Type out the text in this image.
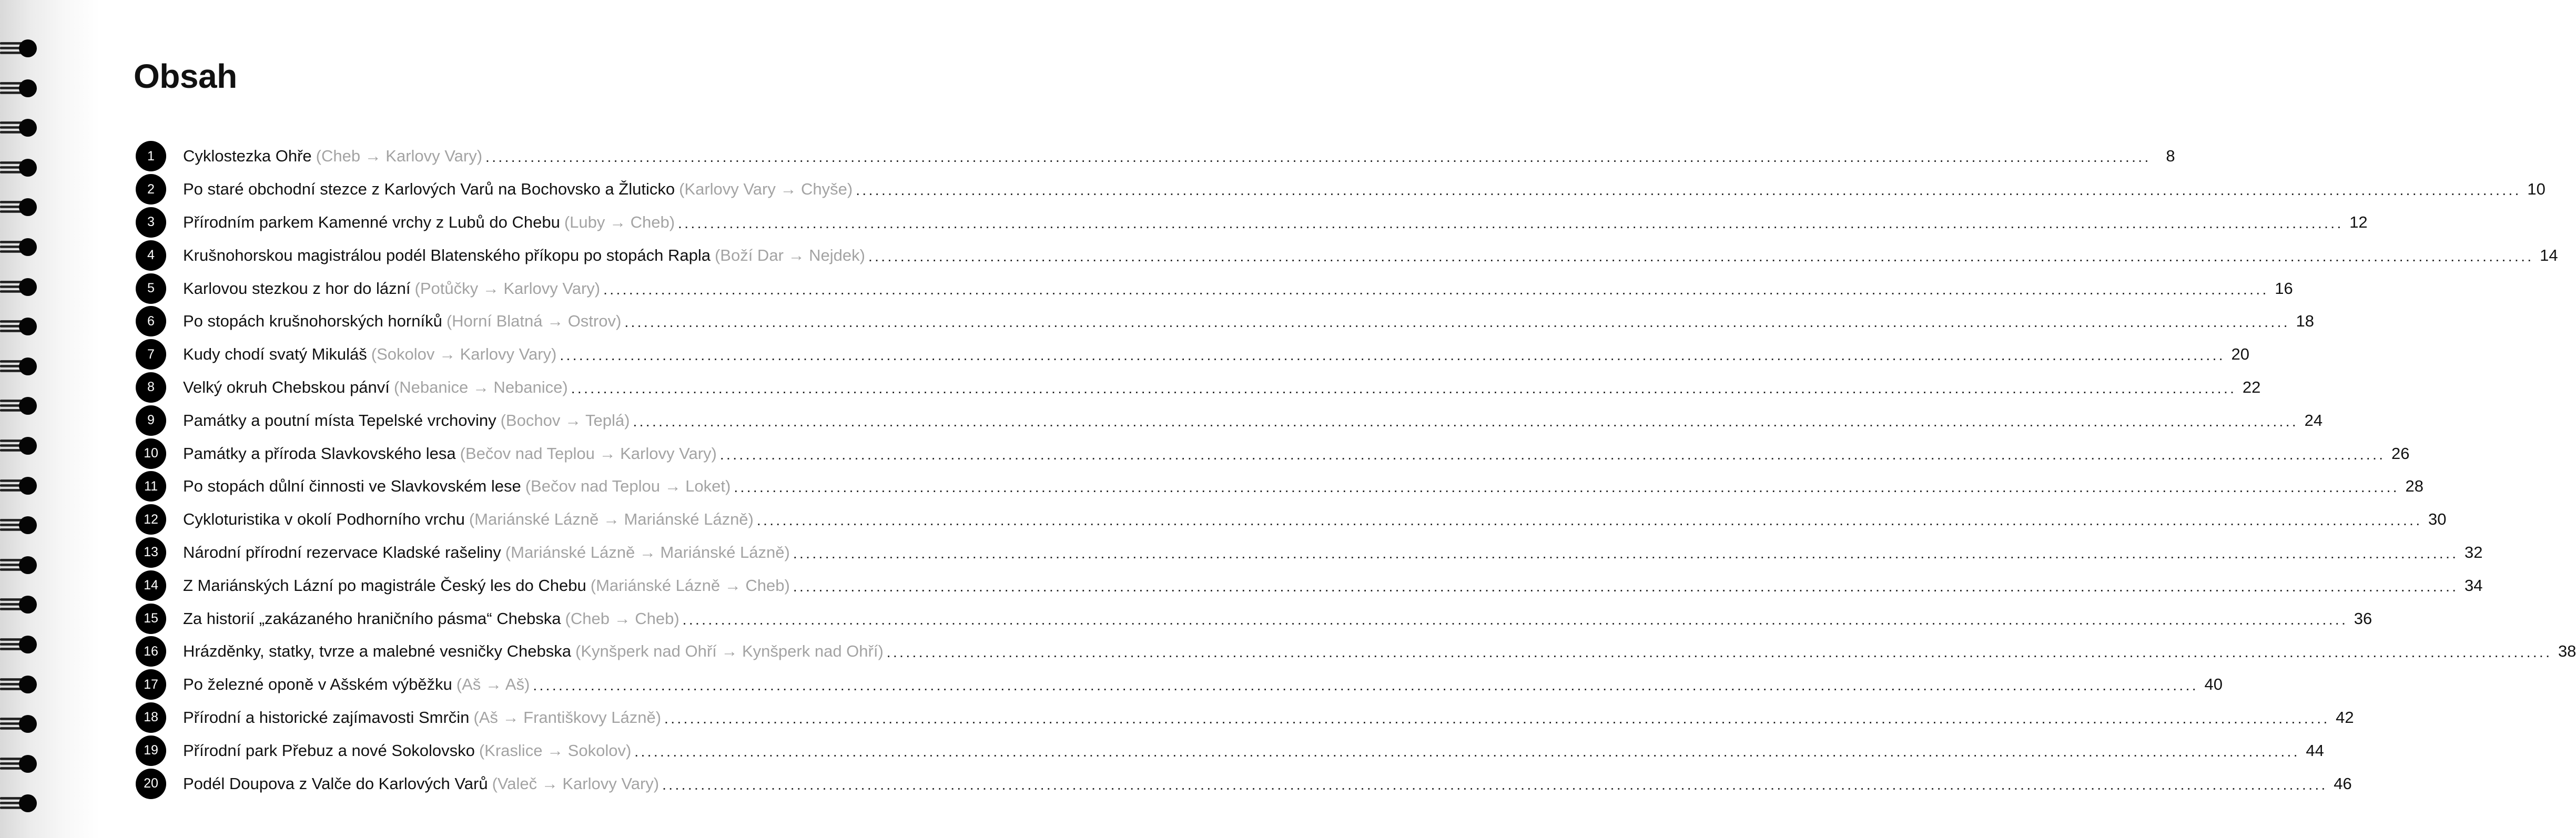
Obsah
1	Cyklostezka Ohře (Cheb → Karlovy Vary) .................................................................................................................................................................................................................................................................... 8
2	Po staré obchodní stezce z Karlových Varů na Bochovsko a Žluticko (Karlovy Vary → Chyše) .................................................................................................................................................................................................................................................................... 10
3	Přírodním parkem Kamenné vrchy z Lubů do Chebu (Luby → Cheb) .................................................................................................................................................................................................................................................................... 12
4	Krušnohorskou magistrálou podél Blatenského příkopu po stopách Rapla (Boží Dar → Nejdek) .................................................................................................................................................................................................................................................................... 14
5	Karlovou stezkou z hor do lázní (Potůčky → Karlovy Vary) .................................................................................................................................................................................................................................................................... 16
6	Po stopách krušnohorských horníků (Horní Blatná → Ostrov) .................................................................................................................................................................................................................................................................... 18
7	Kudy chodí svatý Mikuláš (Sokolov → Karlovy Vary) .................................................................................................................................................................................................................................................................... 20
8	Velký okruh Chebskou pánví (Nebanice → Nebanice) .................................................................................................................................................................................................................................................................... 22
9	Památky a poutní místa Tepelské vrchoviny (Bochov → Teplá) .................................................................................................................................................................................................................................................................... 24
10	Památky a příroda Slavkovského lesa (Bečov nad Teplou → Karlovy Vary) .................................................................................................................................................................................................................................................................... 26
11	Po stopách důlní činnosti ve Slavkovském lese (Bečov nad Teplou → Loket) .................................................................................................................................................................................................................................................................... 28
12	Cykloturistika v okolí Podhorního vrchu (Mariánské Lázně → Mariánské Lázně) .................................................................................................................................................................................................................................................................... 30
13	Národní přírodní rezervace Kladské rašeliny (Mariánské Lázně → Mariánské Lázně) .................................................................................................................................................................................................................................................................... 32
14	Z Mariánských Lázní po magistrále Český les do Chebu (Mariánské Lázně → Cheb) .................................................................................................................................................................................................................................................................... 34
15	Za historií „zakázaného hraničního pásma“ Chebska (Cheb → Cheb) .................................................................................................................................................................................................................................................................... 36
16	Hrázděnky, statky, tvrze a malebné vesničky Chebska (Kynšperk nad Ohří → Kynšperk nad Ohří) .................................................................................................................................................................................................................................................................... 38
17	Po železné oponě v Ašském výběžku (Aš → Aš) .................................................................................................................................................................................................................................................................... 40
18	Přírodní a historické zajímavosti Smrčin (Aš → Františkovy Lázně) .................................................................................................................................................................................................................................................................... 42
19	Přírodní park Přebuz a nové Sokolovsko (Kraslice → Sokolov) .................................................................................................................................................................................................................................................................... 44
20	Podél Doupova z Valče do Karlových Varů (Valeč → Karlovy Vary) .................................................................................................................................................................................................................................................................... 46
